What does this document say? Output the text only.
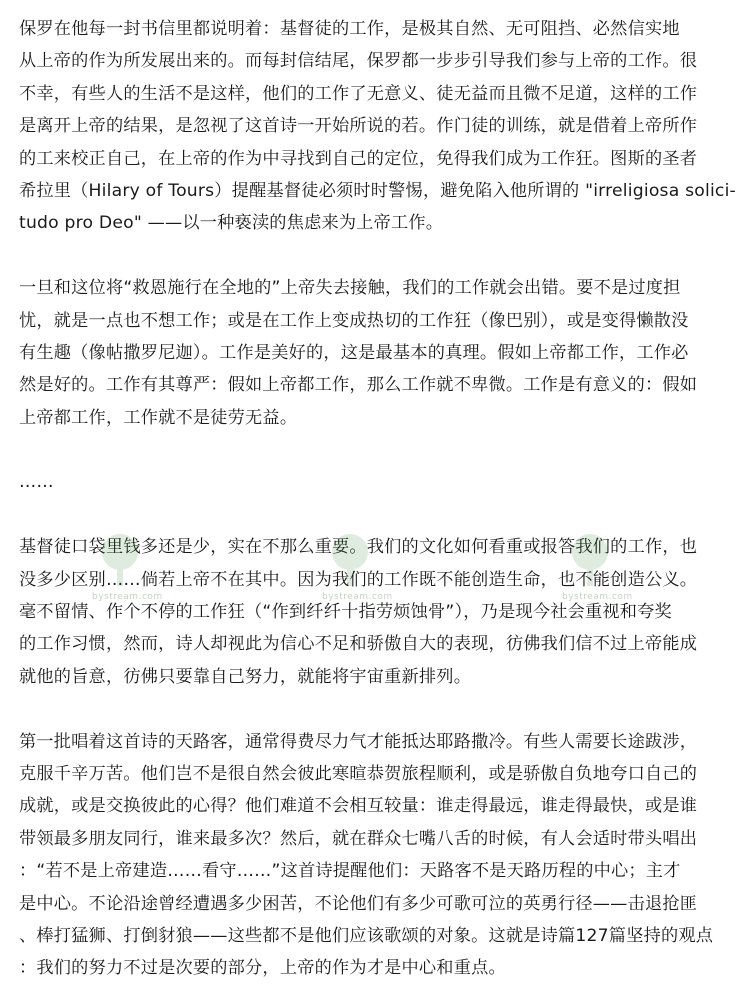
保罗在他每一封书信里都说明着：基督徒的工作，是极其自然、无可阻挡、必然信实地
从上帝的作为所发展出来的。而每封信结尾，保罗都一步步引导我们参与上帝的工作。很
不幸，有些人的生活不是这样，他们的工作了无意义、徒无益而且微不足道，这样的工作
是离开上帝的结果，是忽视了这首诗一开始所说的若。作门徒的训练，就是借着上帝所作
的工来校正自己，在上帝的作为中寻找到自己的定位，免得我们成为工作狂。图斯的圣者
希拉里（Hilary of Tours）提醒基督徒必须时时警惕，避免陷入他所谓的 "irreligiosa solici-
tudo pro Deo" ——以一种亵渎的焦虑来为上帝工作。
一旦和这位将“救恩施行在全地的”上帝失去接触，我们的工作就会出错。要不是过度担
忧，就是一点也不想工作；或是在工作上变成热切的工作狂（像巴别），或是变得懒散没
有生趣（像帖撒罗尼迦）。工作是美好的，这是最基本的真理。假如上帝都工作，工作必
然是好的。工作有其尊严：假如上帝都工作，那么工作就不卑微。工作是有意义的：假如
上帝都工作，工作就不是徒劳无益。
……
基督徒口袋里钱多还是少，实在不那么重要。我们的文化如何看重或报答我们的工作，也
没多少区别……倘若上帝不在其中。因为我们的工作既不能创造生命，也不能创造公义。
毫不留情、作个不停的工作狂（“作到纤纤十指劳烦蚀骨”），乃是现今社会重视和夸奖
的工作习惯，然而，诗人却视此为信心不足和骄傲自大的表现，彷佛我们信不过上帝能成
就他的旨意，彷佛只要靠自己努力，就能将宇宙重新排列。
第一批唱着这首诗的天路客，通常得费尽力气才能抵达耶路撒冷。有些人需要长途跋涉，
克服千辛万苦。他们岂不是很自然会彼此寒暄恭贺旅程顺利，或是骄傲自负地夸口自己的
成就，或是交换彼此的心得？他们难道不会相互较量：谁走得最远，谁走得最快，或是谁
带领最多朋友同行，谁来最多次？然后，就在群众七嘴八舌的时候，有人会适时带头唱出
：“若不是上帝建造……看守……”这首诗提醒他们：天路客不是天路历程的中心；主才
是中心。不论沿途曾经遭遇多少困苦，不论他们有多少可歌可泣的英勇行径——击退抢匪
、棒打猛狮、打倒豺狼——这些都不是他们应该歌颂的对象。这就是诗篇127篇坚持的观点
：我们的努力不过是次要的部分，上帝的作为才是中心和重点。
bystream.com	bystream.com	bystream.com
